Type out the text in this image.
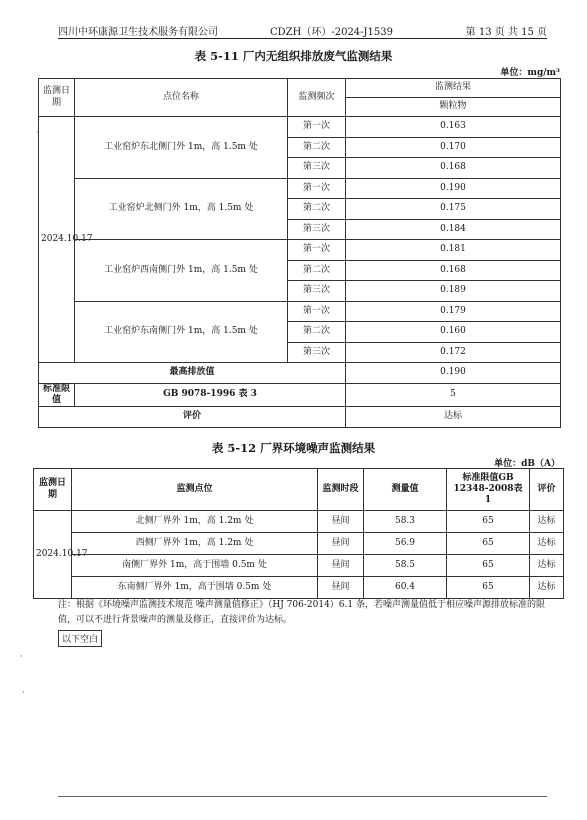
四川中环康源卫生技术服务有限公司	CDZH（环）-2024-J1539	第 13 页 共 15 页
表 5-11 厂内无组织排放废气监测结果
单位：mg/m³
监测日期	点位名称	监测频次	监测结果
			颗粒物
2024.10.17	工业窑炉东北侧门外 1m，高 1.5m 处	第一次	0.163
		第二次	0.170
		第三次	0.168
	工业窑炉北侧门外 1m，高 1.5m 处	第一次	0.190
		第二次	0.175
		第三次	0.184
	工业窑炉西南侧门外 1m，高 1.5m 处	第一次	0.181
		第二次	0.168
		第三次	0.189
	工业窑炉东南侧门外 1m，高 1.5m 处	第一次	0.179
		第二次	0.160
		第三次	0.172
最高排放值			0.190
标准限值	GB 9078-1996 表 3		5
评价			达标
表 5-12 厂界环境噪声监测结果
单位：dB（A）
监测日期	监测点位	监测时段	测量值	标准限值GB 12348-2008表 1	评价
2024.10.17	北侧厂界外 1m，高 1.2m 处	昼间	58.3	65	达标
	西侧厂界外 1m，高 1.2m 处	昼间	56.9	65	达标
	南侧厂界外 1m，高于围墙 0.5m 处	昼间	58.5	65	达标
	东南侧厂界外 1m，高于围墙 0.5m 处	昼间	60.4	65	达标
注：根据《环境噪声监测技术规范 噪声测量值修正》（HJ 706-2014）6.1 条，若噪声测量值低于相应噪声源排放标准的限值，可以不进行背景噪声的测量及修正，直接评价为达标。
以下空白
·
·
·
